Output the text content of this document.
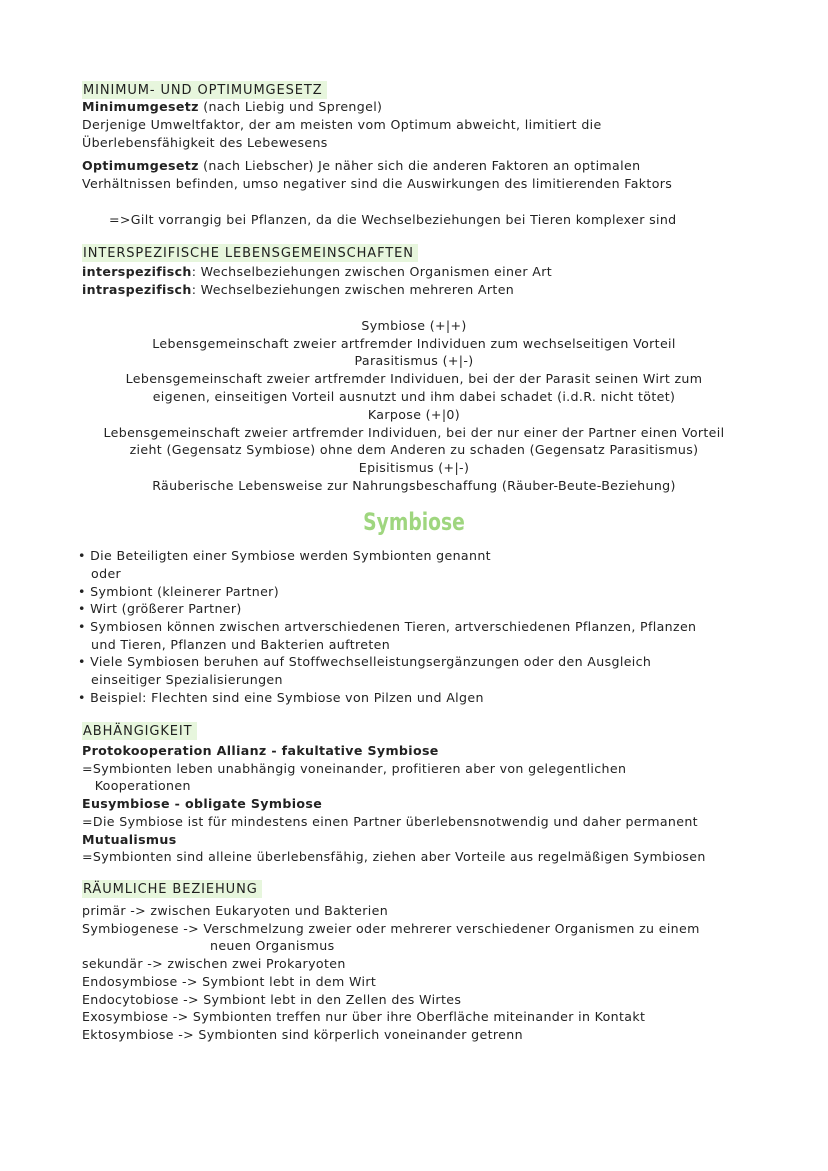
MINIMUM- UND OPTIMUMGESETZ
Minimumgesetz (nach Liebig und Sprengel)
Derjenige Umweltfaktor, der am meisten vom Optimum abweicht, limitiert die
Überlebensfähigkeit des Lebewesens
Optimumgesetz (nach Liebscher) Je näher sich die anderen Faktoren an optimalen
Verhältnissen befinden, umso negativer sind die Auswirkungen des limitierenden Faktors
=>Gilt vorrangig bei Pflanzen, da die Wechselbeziehungen bei Tieren komplexer sind
INTERSPEZIFISCHE LEBENSGEMEINSCHAFTEN
interspezifisch: Wechselbeziehungen zwischen Organismen einer Art
intraspezifisch: Wechselbeziehungen zwischen mehreren Arten
Symbiose (+|+)
Lebensgemeinschaft zweier artfremder Individuen zum wechselseitigen Vorteil
Parasitismus (+|-)
Lebensgemeinschaft zweier artfremder Individuen, bei der der Parasit seinen Wirt zum
eigenen, einseitigen Vorteil ausnutzt und ihm dabei schadet (i.d.R. nicht tötet)
Karpose (+|0)
Lebensgemeinschaft zweier artfremder Individuen, bei der nur einer der Partner einen Vorteil
zieht (Gegensatz Symbiose) ohne dem Anderen zu schaden (Gegensatz Parasitismus)
Episitismus (+|-)
Räuberische Lebensweise zur Nahrungsbeschaffung (Räuber-Beute-Beziehung)
Symbiose
• Die Beteiligten einer Symbiose werden Symbionten genannt
oder
• Symbiont (kleinerer Partner)
• Wirt (größerer Partner)
• Symbiosen können zwischen artverschiedenen Tieren, artverschiedenen Pflanzen, Pflanzen
und Tieren, Pflanzen und Bakterien auftreten
• Viele Symbiosen beruhen auf Stoffwechselleistungsergänzungen oder den Ausgleich
einseitiger Spezialisierungen
• Beispiel: Flechten sind eine Symbiose von Pilzen und Algen
ABHÄNGIGKEIT
Protokooperation Allianz - fakultative Symbiose
=Symbionten leben unabhängig voneinander, profitieren aber von gelegentlichen
Kooperationen
Eusymbiose - obligate Symbiose
=Die Symbiose ist für mindestens einen Partner überlebensnotwendig und daher permanent
Mutualismus
=Symbionten sind alleine überlebensfähig, ziehen aber Vorteile aus regelmäßigen Symbiosen
RÄUMLICHE BEZIEHUNG
primär -> zwischen Eukaryoten und Bakterien
Symbiogenese -> Verschmelzung zweier oder mehrerer verschiedener Organismen zu einem
neuen Organismus
sekundär -> zwischen zwei Prokaryoten
Endosymbiose -> Symbiont lebt in dem Wirt
Endocytobiose -> Symbiont lebt in den Zellen des Wirtes
Exosymbiose -> Symbionten treffen nur über ihre Oberfläche miteinander in Kontakt
Ektosymbiose -> Symbionten sind körperlich voneinander getrenn
